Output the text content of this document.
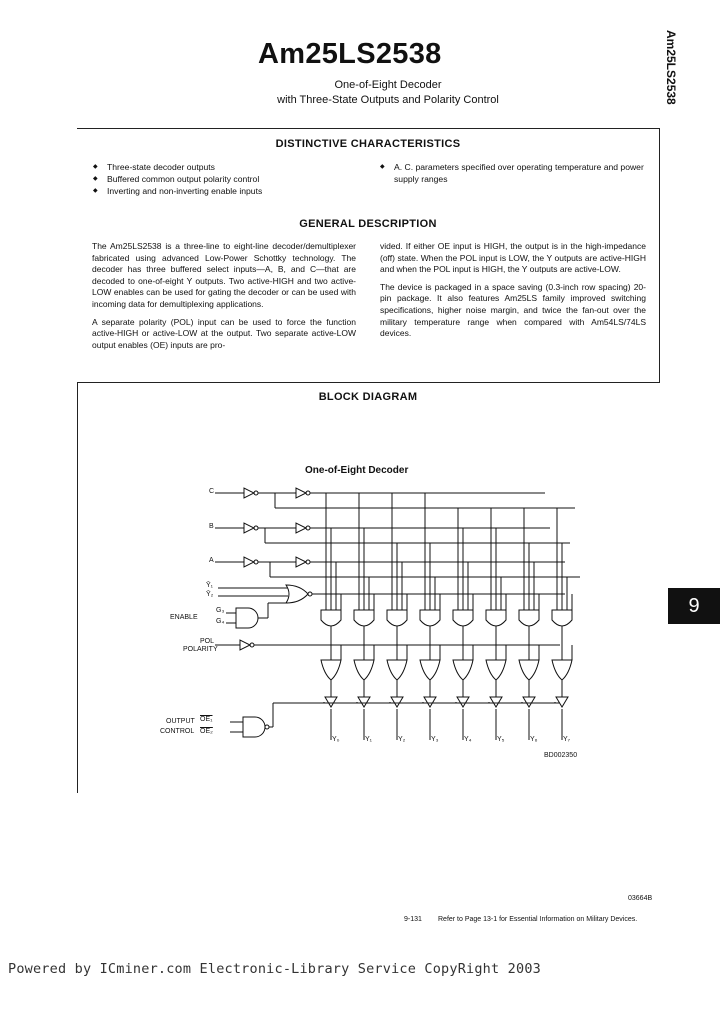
Am25LS2538
One-of-Eight Decoder
with Three-State Outputs and Polarity Control	Am25LS2538
9
DISTINCTIVE CHARACTERISTICS
◆ Three-state decoder outputs
◆ Buffered common output polarity control
◆ Inverting and non-inverting enable inputs
◆ A. C. parameters specified over operating temperature and power supply ranges
GENERAL DESCRIPTION

The Am25LS2538 is a three-line to eight-line decoder/demultiplexer fabricated using advanced Low-Power Schottky technology. The decoder has three buffered select inputs—A, B, and C—that are decoded to one-of-eight Y outputs. Two active-HIGH and two active-LOW enables can be used for gating the decoder or can be used with incoming data for demultiplexing applications.

A separate polarity (POL) input can be used to force the function active-HIGH or active-LOW at the output. Two separate active-LOW output enables (OE) inputs are pro-

vided. If either OE input is HIGH, the output is in the high-impedance (off) state. When the POL input is LOW, the Y outputs are active-HIGH and when the POL input is HIGH, the Y outputs are active-LOW.

The device is packaged in a space saving (0.3-inch row spacing) 20-pin package. It also features Am25LS family improved switching specifications, higher noise margin, and twice the fan-out over the military temperature range when compared with Am54LS/74LS devices.

BLOCK DIAGRAM
One-of-Eight Decoder
C
B
A
Ȳ₁
Ȳ₂
G₃
G₄
ENABLE
POL
POLARITY
OUTPUT
CONTROL
OE₁
OE₂
Y₀	Y₁	Y₂	Y₃	Y₄	Y₅	Y₆	Y₇
BD002350
03664B
9-131 Refer to Page 13-1 for Essential Information on Military Devices.
Powered by ICminer.com Electronic-Library Service CopyRight 2003
